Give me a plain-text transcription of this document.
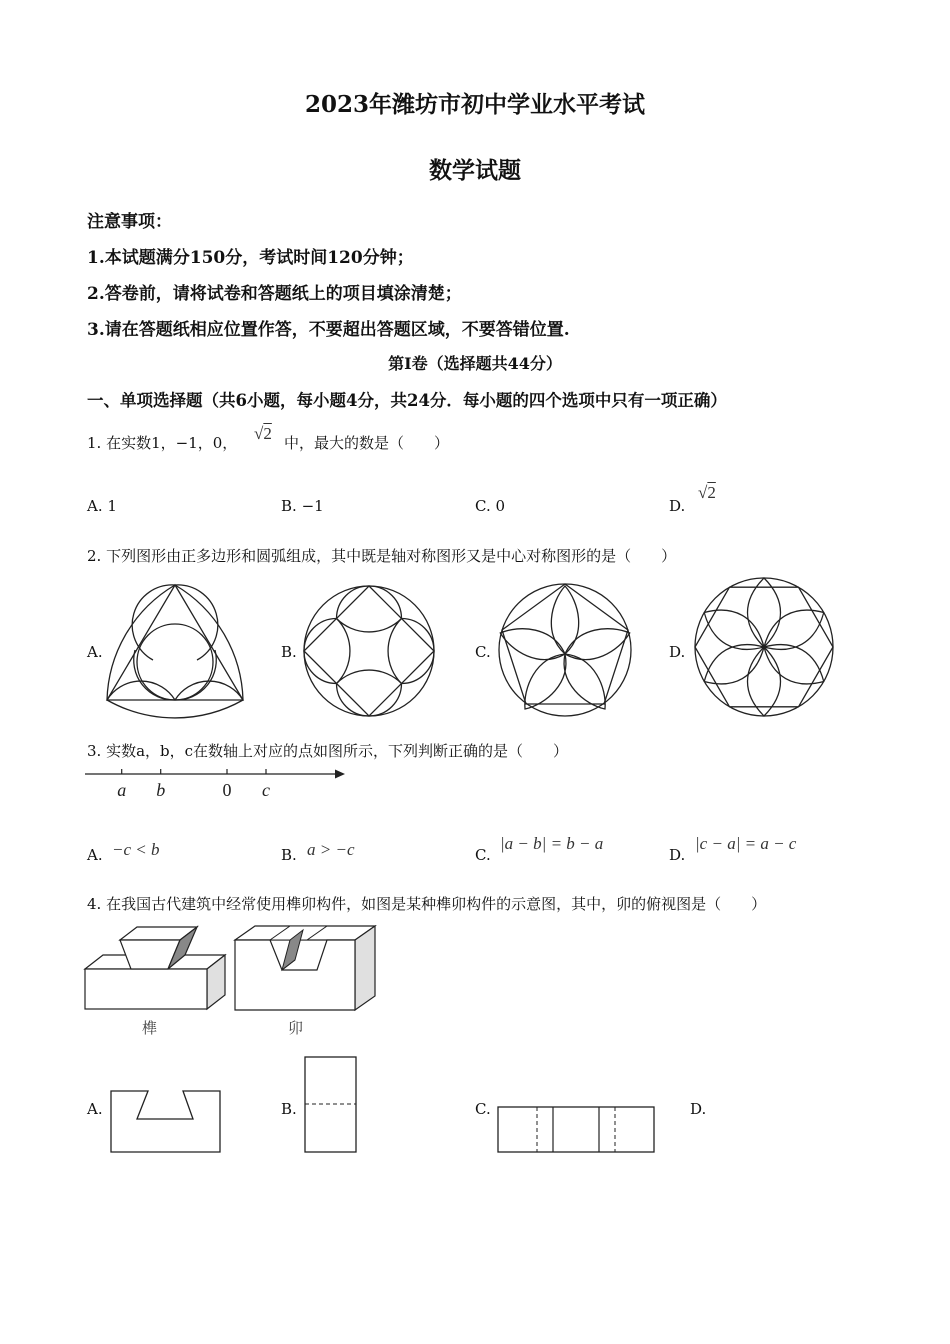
2023年潍坊市初中学业水平考试
数学试题
注意事项：
1.本试题满分150分，考试时间120分钟；
2.答卷前，请将试卷和答题纸上的项目填涂清楚；
3.请在答题纸相应位置作答，不要超出答题区域，不要答错位置.
第I卷（选择题共44分）
一、单项选择题（共6小题，每小题4分，共24分．每小题的四个选项中只有一项正确）
1. 在实数1，−1，0， √2 中，最大的数是（　　）
A. 1	B. −1	C. 0	D.
√2
2. 下列图形由正多边形和圆弧组成，其中既是轴对称图形又是中心对称图形的是（　　）
A.	B.	C.	D.
3. 实数a，b，c在数轴上对应的点如图所示，下列判断正确的是（　　）
a b	0 c
A. −c < b	B. a > −c	C.
|a − b| = b − a
D.
|c − a| = a − c
4. 在我国古代建筑中经常使用榫卯构件，如图是某种榫卯构件的示意图，其中，卯的俯视图是（　　）
榫	卯
A.	B.	C.	D.
